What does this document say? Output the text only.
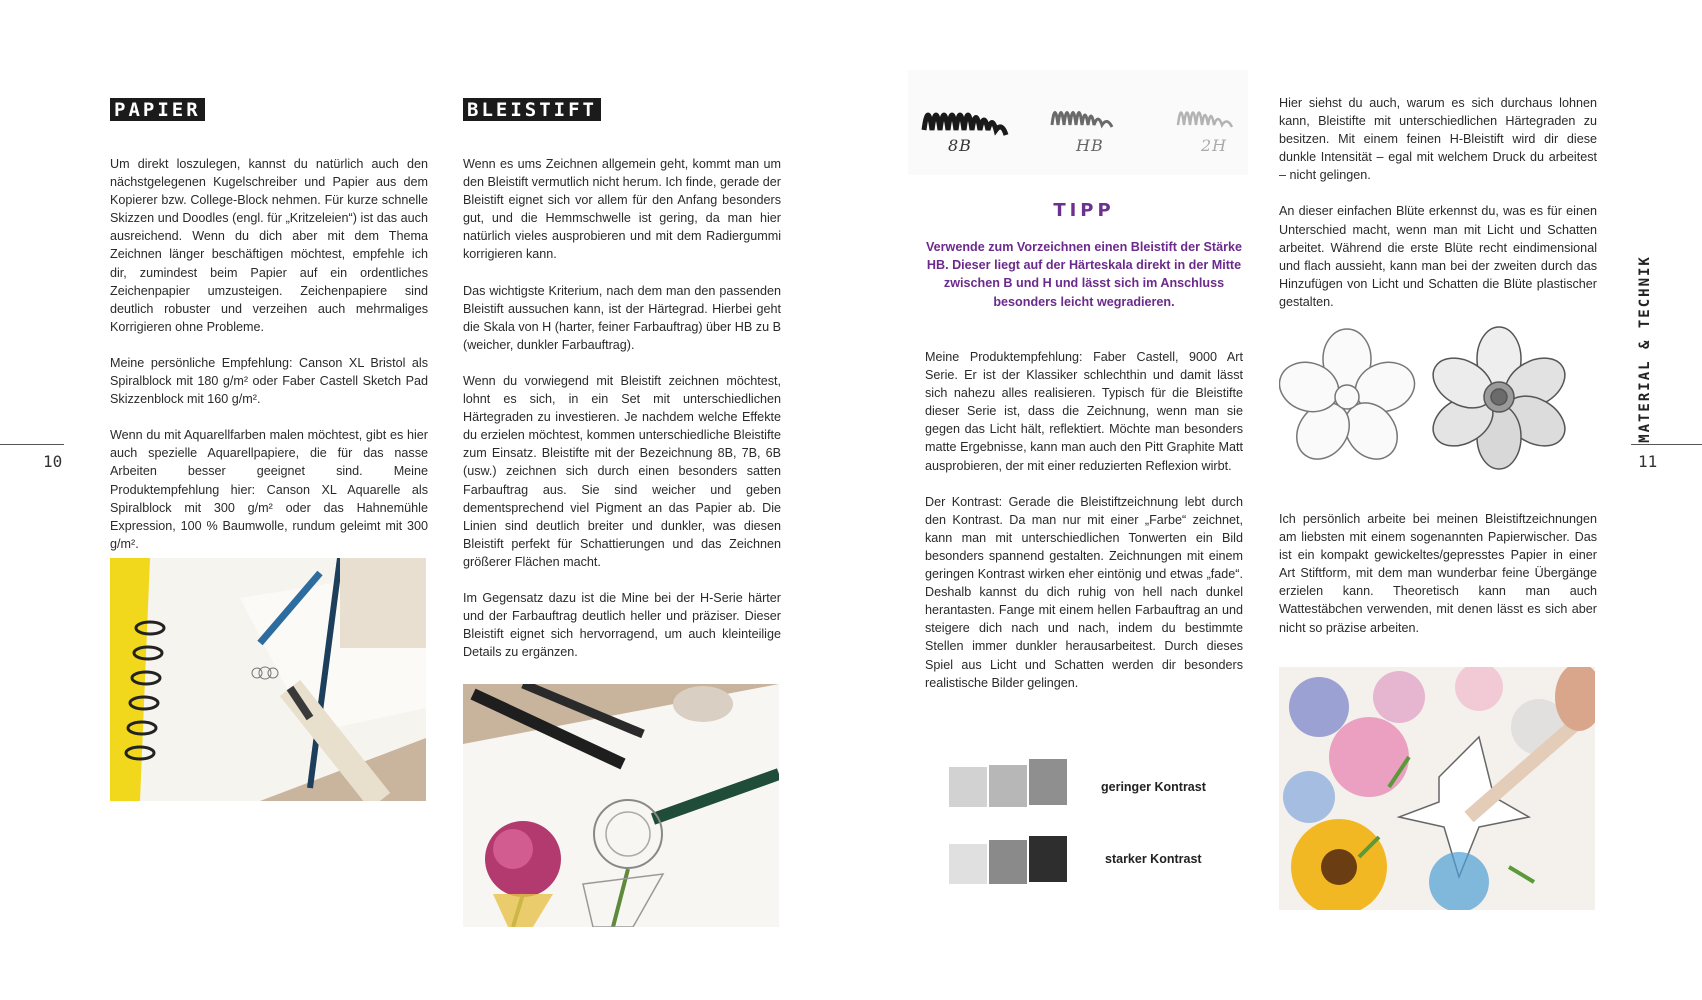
10	11
MATERIAL & TECHNIK
PAPIER

Um direkt loszulegen, kannst du natürlich auch den nächstgelegenen Kugelschreiber und Papier aus dem Kopierer bzw. College-Block nehmen. Für kurze schnelle Skizzen und Doodles (engl. für „Kritzeleien“) ist das auch ausreichend. Wenn du dich aber mit dem Thema Zeichnen länger beschäftigen möchtest, empfehle ich dir, zumindest beim Papier auf ein ordentliches Zeichenpapier umzusteigen. Zeichenpapiere sind deutlich robuster und verzeihen auch mehrmaliges Korrigieren ohne Probleme.

Meine persönliche Empfehlung: Canson XL Bristol als Spiralblock mit 180 g/m² oder Faber Castell Sketch Pad Skizzenblock mit 160 g/m².

Wenn du mit Aquarellfarben malen möchtest, gibt es hier auch spezielle Aquarellpapiere, die für das nasse Arbeiten besser geeignet sind. Meine Produktempfehlung hier: Canson XL Aquarelle als Spiralblock mit 300 g/m² oder das Hahnemühle Expression, 100 % Baumwolle, rundum geleimt mit 300 g/m².

BLEISTIFT

Wenn es ums Zeichnen allgemein geht, kommt man um den Bleistift vermutlich nicht herum. Ich finde, gerade der Bleistift eignet sich vor allem für den Anfang besonders gut, und die Hemmschwelle ist gering, da man hier natürlich vieles ausprobieren und mit dem Radiergummi korrigieren kann.

Das wichtigste Kriterium, nach dem man den passenden Bleistift aussuchen kann, ist der Härtegrad. Hierbei geht die Skala von H (harter, feiner Farbauftrag) über HB zu B (weicher, dunkler Farbauftrag).

Wenn du vorwiegend mit Bleistift zeichnen möchtest, lohnt es sich, in ein Set mit unterschiedlichen Härtegraden zu investieren. Je nachdem welche Effekte du erzielen möchtest, kommen unterschiedliche Bleistifte zum Einsatz. Bleistifte mit der Bezeichnung 8B, 7B, 6B (usw.) zeichnen sich durch einen besonders satten Farbauftrag aus. Sie sind weicher und geben dementsprechend viel Pigment an das Papier ab. Die Linien sind deutlich breiter und dunkler, was diesen Bleistift perfekt für Schattierungen und das Zeichnen größerer Flächen macht.

Im Gegensatz dazu ist die Mine bei der H-Serie härter und der Farbauftrag deutlich heller und präziser. Dieser Bleistift eignet sich hervorragend, um auch kleinteilige Details zu ergänzen.

8B	HB	2H
TIPP
Verwende zum Vorzeichnen einen Bleistift der Stärke HB. Dieser liegt auf der Härteskala direkt in der Mitte zwischen B und H und lässt sich im Anschluss besonders leicht wegradieren.

Meine Produktempfehlung: Faber Castell, 9000 Art Serie. Er ist der Klassiker schlechthin und damit lässt sich nahezu alles realisieren. Typisch für die Bleistifte dieser Serie ist, dass die Zeichnung, wenn man sie gegen das Licht hält, reflektiert. Möchte man besonders matte Ergebnisse, kann man auch den Pitt Graphite Matt ausprobieren, der mit einer reduzierten Reflexion wirbt.

Der Kontrast: Gerade die Bleistiftzeichnung lebt durch den Kontrast. Da man nur mit einer „Farbe“ zeichnet, kann man mit unterschiedlichen Tonwerten ein Bild besonders spannend gestalten. Zeichnungen mit einem geringen Kontrast wirken eher eintönig und etwas „fade“. Deshalb kannst du dich ruhig von hell nach dunkel herantasten. Fange mit einem hellen Farbauftrag an und steigere dich nach und nach, indem du bestimmte Stellen immer dunkler herausarbeitest. Durch dieses Spiel aus Licht und Schatten werden dir besonders realistische Bilder gelingen.

geringer Kontrast
starker Kontrast

Hier siehst du auch, warum es sich durchaus lohnen kann, Bleistifte mit unterschiedlichen Härtegraden zu besitzen. Mit einem feinen H-Bleistift wird dir diese dunkle Intensität – egal mit welchem Druck du arbeitest – nicht gelingen.

An dieser einfachen Blüte erkennst du, was es für einen Unterschied macht, wenn man mit Licht und Schatten arbeitet. Während die erste Blüte recht eindimensional und flach aussieht, kann man bei der zweiten durch das Hinzufügen von Licht und Schatten die Blüte plastischer gestalten.

Ich persönlich arbeite bei meinen Bleistiftzeichnungen am liebsten mit einem sogenannten Papierwischer. Das ist ein kompakt gewickeltes/gepresstes Papier in einer Art Stiftform, mit dem man wunderbar feine Übergänge erzielen kann. Theoretisch kann man auch Wattestäbchen verwenden, mit denen lässt es sich aber nicht so präzise arbeiten.
